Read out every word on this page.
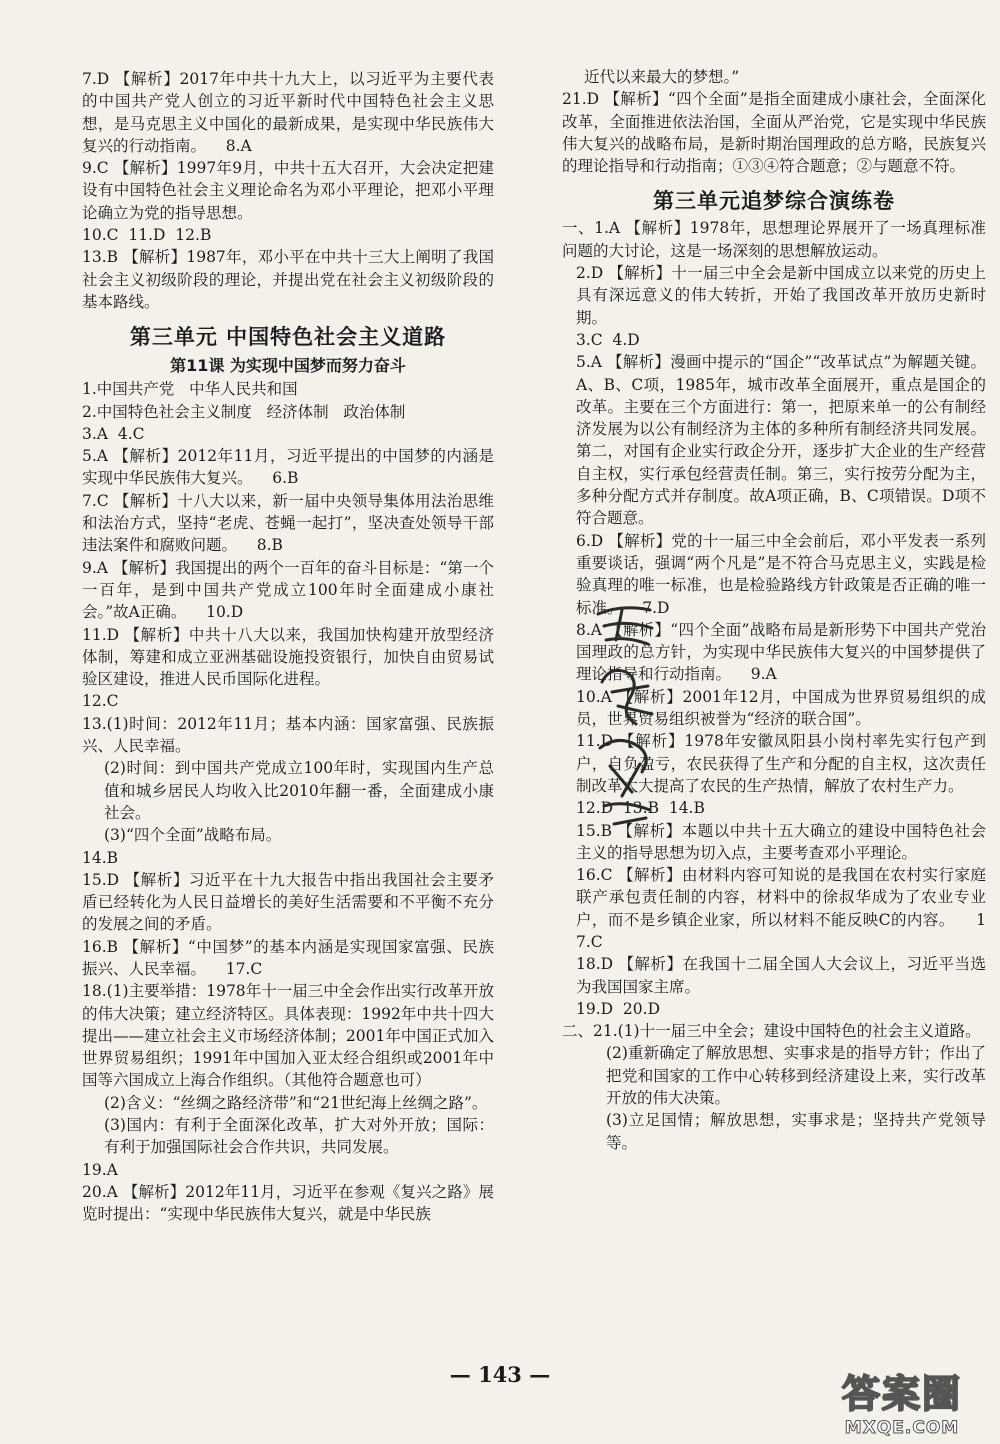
7.D 【解析】2017年中共十九大上，以习近平为主要代表的中国共产党人创立的习近平新时代中国特色社会主义思想，是马克思主义中国化的最新成果，是实现中华民族伟大复兴的行动指南。    8.A

9.C 【解析】1997年9月，中共十五大召开，大会决定把建设有中国特色社会主义理论命名为邓小平理论，把邓小平理论确立为党的指导思想。

10.C  11.D  12.B

13.B 【解析】1987年，邓小平在中共十三大上阐明了我国社会主义初级阶段的理论，并提出党在社会主义初级阶段的基本路线。

第三单元 中国特色社会主义道路
第11课 为实现中国梦而努力奋斗

1.中国共产党   中华人民共和国

2.中国特色社会主义制度   经济体制   政治体制

3.A  4.C

5.A 【解析】2012年11月，习近平提出的中国梦的内涵是实现中华民族伟大复兴。    6.B

7.C 【解析】十八大以来，新一届中央领导集体用法治思维和法治方式，坚持“老虎、苍蝇一起打”，坚决查处领导干部违法案件和腐败问题。    8.B

9.A 【解析】我国提出的两个一百年的奋斗目标是：“第一个一百年，是到中国共产党成立100年时全面建成小康社会。”故A正确。    10.D

11.D 【解析】中共十八大以来，我国加快构建开放型经济体制，筹建和成立亚洲基础设施投资银行，加快自由贸易试验区建设，推进人民币国际化进程。

12.C

13.(1)时间：2012年11月；基本内涵：国家富强、民族振兴、人民幸福。

(2)时间：到中国共产党成立100年时，实现国内生产总值和城乡居民人均收入比2010年翻一番，全面建成小康社会。

(3)“四个全面”战略布局。

14.B

15.D 【解析】习近平在十九大报告中指出我国社会主要矛盾已经转化为人民日益增长的美好生活需要和不平衡不充分的发展之间的矛盾。

16.B 【解析】“中国梦”的基本内涵是实现国家富强、民族振兴、人民幸福。    17.C

18.(1)主要举措：1978年十一届三中全会作出实行改革开放的伟大决策；建立经济特区。具体表现：1992年中共十四大提出——建立社会主义市场经济体制；2001年中国正式加入世界贸易组织；1991年中国加入亚太经合组织或2001年中国等六国成立上海合作组织。（其他符合题意也可）

(2)含义：“丝绸之路经济带”和“21世纪海上丝绸之路”。

(3)国内：有利于全面深化改革，扩大对外开放；国际：有利于加强国际社会合作共识，共同发展。

19.A

20.A 【解析】2012年11月，习近平在参观《复兴之路》展览时提出：“实现中华民族伟大复兴，就是中华民族

近代以来最大的梦想。”

21.D 【解析】“四个全面”是指全面建成小康社会，全面深化改革，全面推进依法治国，全面从严治党，它是实现中华民族伟大复兴的战略布局，是新时期治国理政的总方略，民族复兴的理论指导和行动指南；①③④符合题意；②与题意不符。

第三单元追梦综合演练卷

一、1.A 【解析】1978年，思想理论界展开了一场真理标准问题的大讨论，这是一场深刻的思想解放运动。

2.D 【解析】十一届三中全会是新中国成立以来党的历史上具有深远意义的伟大转折，开始了我国改革开放历史新时期。

3.C  4.D

5.A 【解析】漫画中提示的“国企”“改革试点”为解题关键。A、B、C项，1985年，城市改革全面展开，重点是国企的改革。主要在三个方面进行：第一，把原来单一的公有制经济发展为以公有制经济为主体的多种所有制经济共同发展。第二，对国有企业实行政企分开，逐步扩大企业的生产经营自主权，实行承包经营责任制。第三，实行按劳分配为主，多种分配方式并存制度。故A项正确，B、C项错误。D项不符合题意。

6.D 【解析】党的十一届三中全会前后，邓小平发表一系列重要谈话，强调“两个凡是”是不符合马克思主义，实践是检验真理的唯一标准，也是检验路线方针政策是否正确的唯一标准。    7.D

8.A 【解析】“四个全面”战略布局是新形势下中国共产党治国理政的总方针，为实现中华民族伟大复兴的中国梦提供了理论指导和行动指南。    9.A

10.A 【解析】2001年12月，中国成为世界贸易组织的成员，世界贸易组织被誉为“经济的联合国”。

11.D 【解析】1978年安徽凤阳县小岗村率先实行包产到户，自负盈亏，农民获得了生产和分配的自主权，这次责任制改革大大提高了农民的生产热情，解放了农村生产力。

12.D  13.B  14.B

15.B 【解析】本题以中共十五大确立的建设中国特色社会主义的指导思想为切入点，主要考查邓小平理论。

16.C 【解析】由材料内容可知说的是我国在农村实行家庭联产承包责任制的内容，材料中的徐叔华成为了农业专业户，而不是乡镇企业家，所以材料不能反映C的内容。    17.C

18.D 【解析】在我国十二届全国人大会议上，习近平当选为我国国家主席。

19.D  20.D

二、21.(1)十一届三中全会；建设中国特色的社会主义道路。

(2)重新确定了解放思想、实事求是的指导方针；作出了把党和国家的工作中心转移到经济建设上来，实行改革开放的伟大决策。

(3)立足国情；解放思想，实事求是；坚持共产党领导等。

— 143 —	答案圈
MXQE.COM
